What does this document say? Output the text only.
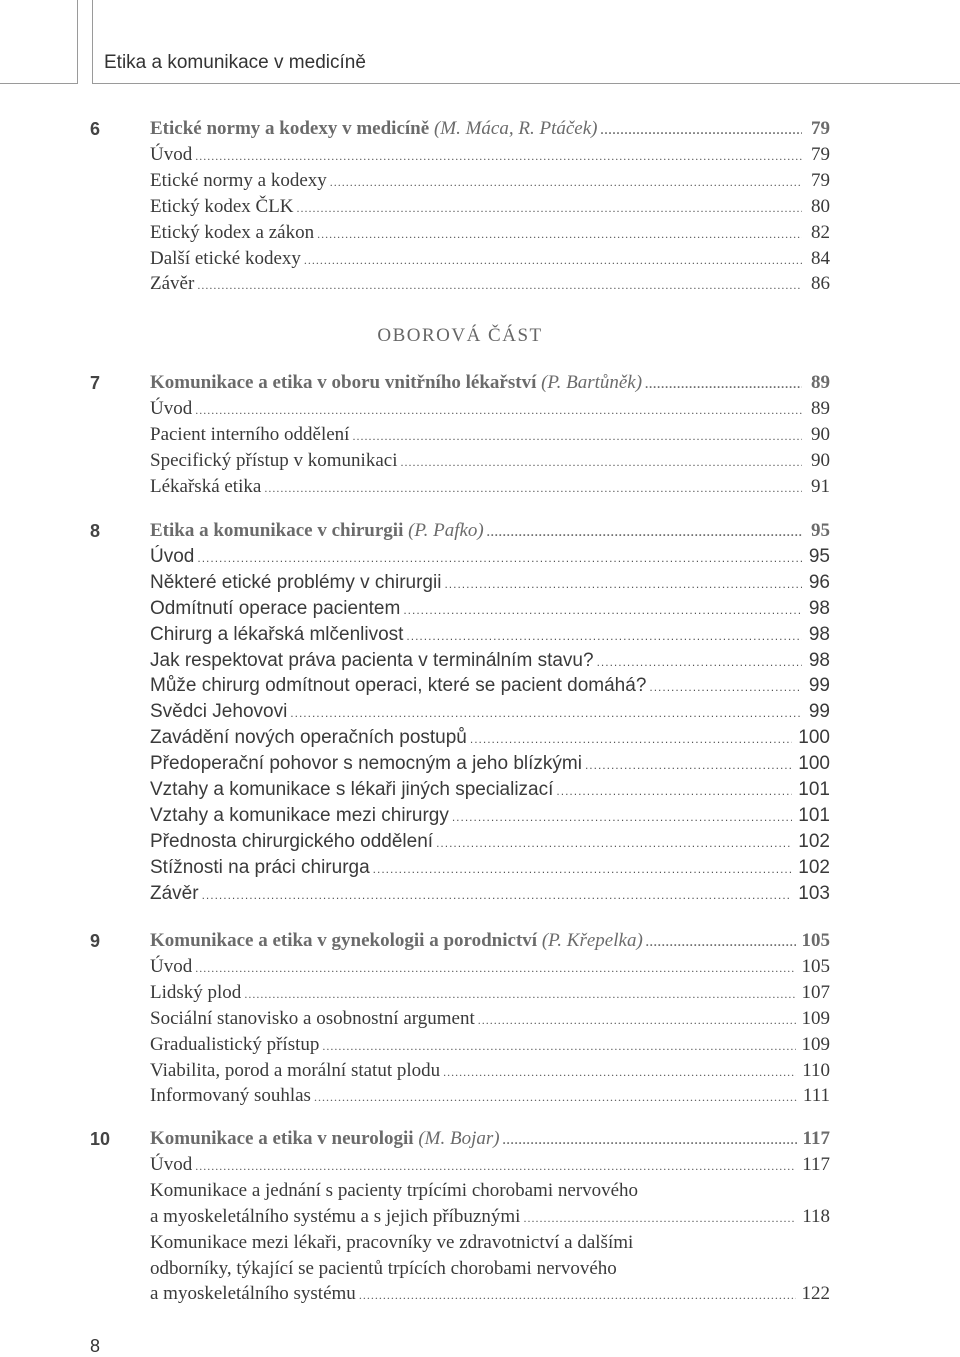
Etika a komunikace v medicíně
6	Etické normy a kodexy v medicíně (M. Máca, R. Ptáček) .....	79
Úvod .....	79
Etické normy a kodexy .....	79
Etický kodex ČLK .....	80
Etický kodex a zákon .....	82
Další etické kodexy .....	84
Závěr .....	86
7	Komunikace a etika v oboru vnitřního lékařství (P. Bartůněk) .....	89
Úvod .....	89
Pacient interního oddělení .....	90
Specifický přístup v komunikaci .....	90
Lékařská etika .....	91
8	Etika a komunikace v chirurgii (P. Pafko) .....	95
Úvod .....	95
Některé etické problémy v chirurgii .....	96
Odmítnutí operace pacientem .....	98
Chirurg a lékařská mlčenlivost .....	98
Jak respektovat práva pacienta v terminálním stavu? .....	98
Může chirurg odmítnout operaci, které se pacient domáhá? .....	99
Svědci Jehovovi .....	99
Zavádění nových operačních postupů .....	100
Předoperační pohovor s nemocným a jeho blízkými .....	100
Vztahy a komunikace s lékaři jiných specializací .....	101
Vztahy a komunikace mezi chirurgy .....	101
Přednosta chirurgického oddělení .....	102
Stížnosti na práci chirurga .....	102
Závěr .....	103
9	Komunikace a etika v gynekologii a porodnictví (P. Křepelka) .....	105
Úvod .....	105
Lidský plod .....	107
Sociální stanovisko a osobnostní argument .....	109
Gradualistický přístup .....	109
Viabilita, porod a morální statut plodu .....	110
Informovaný souhlas .....	111
10	Komunikace a etika v neurologii (M. Bojar) .....	117
Úvod .....	117
Komunikace a jednání s pacienty trpícími chorobami nervového
a myoskeletálního systému a s jejich příbuznými .....	118
Komunikace mezi lékaři, pracovníky ve zdravotnictví a dalšími
odborníky, týkající se pacientů trpících chorobami nervového
a myoskeletálního systému .....	122
OBOROVÁ ČÁST
8
